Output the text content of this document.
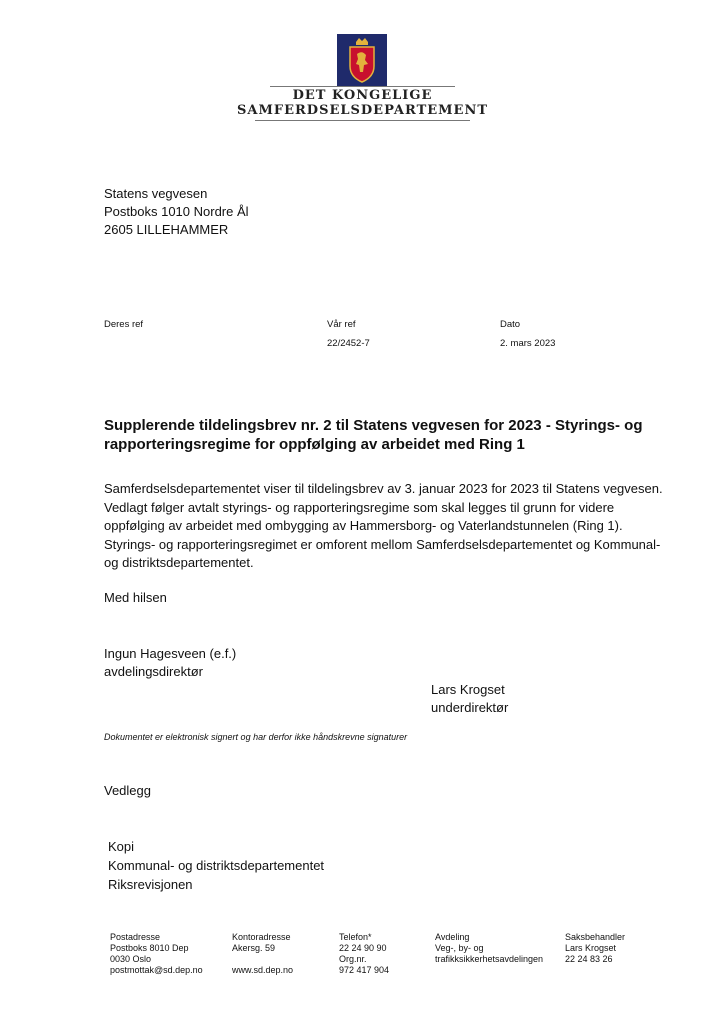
DET KONGELIGE
SAMFERDSELSDEPARTEMENT
Statens vegvesen
Postboks 1010 Nordre Ål
2605 LILLEHAMMER
Deres ref	Vår ref
22/2452-7
Dato
2. mars 2023
Supplerende tildelingsbrev nr. 2 til Statens vegvesen for 2023 - Styrings- og rapporteringsregime for oppfølging av arbeidet med Ring 1
Samferdselsdepartementet viser til tildelingsbrev av 3. januar 2023 for 2023 til Statens vegvesen. Vedlagt følger avtalt styrings- og rapporteringsregime som skal legges til grunn for videre oppfølging av arbeidet med ombygging av Hammersborg- og Vaterlandstunnelen (Ring 1). Styrings- og rapporteringsregimet er omforent mellom Samferdselsdepartementet og Kommunal- og distriktsdepartementet.
Med hilsen
Ingun Hagesveen (e.f.)
avdelingsdirektør
Lars Krogset
underdirektør
Dokumentet er elektronisk signert og har derfor ikke håndskrevne signaturer
Vedlegg
Kopi
Kommunal- og distriktsdepartementet
Riksrevisjonen
Postadresse
Postboks 8010 Dep
0030 Oslo
postmottak@sd.dep.no
Kontoradresse
Akersg. 59
www.sd.dep.no
Telefon*
22 24 90 90
Org.nr.
972 417 904
Avdeling
Veg-, by- og
trafikksikkerhetsavdelingen
Saksbehandler
Lars Krogset
22 24 83 26
